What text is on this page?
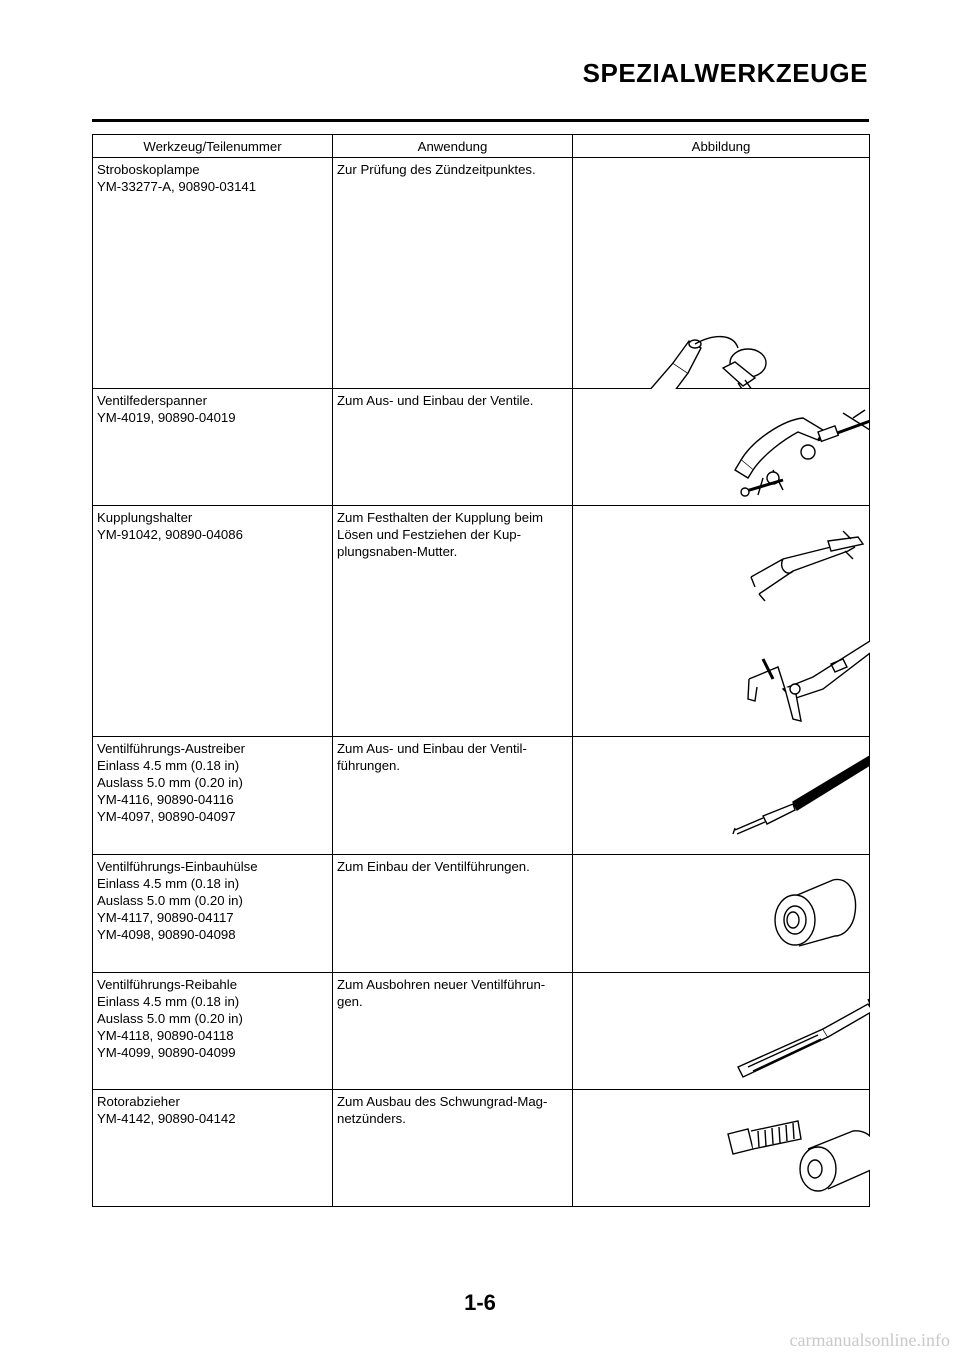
SPEZIALWERKZEUGE
Werkzeug/Teilenummer	Anwendung	Abbildung

Stroboskoplampe
YM-33277-A, 90890-03141	Zur Prüfung des Zündzeitpunktes.

Ventilfederspanner
YM-4019, 90890-04019	Zum Aus- und Einbau der Ventile.

Kupplungshalter
YM-91042, 90890-04086	Zum Festhalten der Kupplung beim
Lösen und Festziehen der Kup-
plungsnaben-Mutter.

Ventilführungs-Austreiber
Einlass 4.5 mm (0.18 in)
Auslass 5.0 mm (0.20 in)
YM-4116, 90890-04116
YM-4097, 90890-04097	Zum Aus- und Einbau der Ventil-
führungen.

Ventilführungs-Einbauhülse
Einlass 4.5 mm (0.18 in)
Auslass 5.0 mm (0.20 in)
YM-4117, 90890-04117
YM-4098, 90890-04098	Zum Einbau der Ventilführungen.

Ventilführungs-Reibahle
Einlass 4.5 mm (0.18 in)
Auslass 5.0 mm (0.20 in)
YM-4118, 90890-04118
YM-4099, 90890-04099	Zum Ausbohren neuer Ventilführun-
gen.

Rotorabzieher
YM-4142, 90890-04142	Zum Ausbau des Schwungrad-Mag-
netzünders.

1-6
carmanualsonline.info
